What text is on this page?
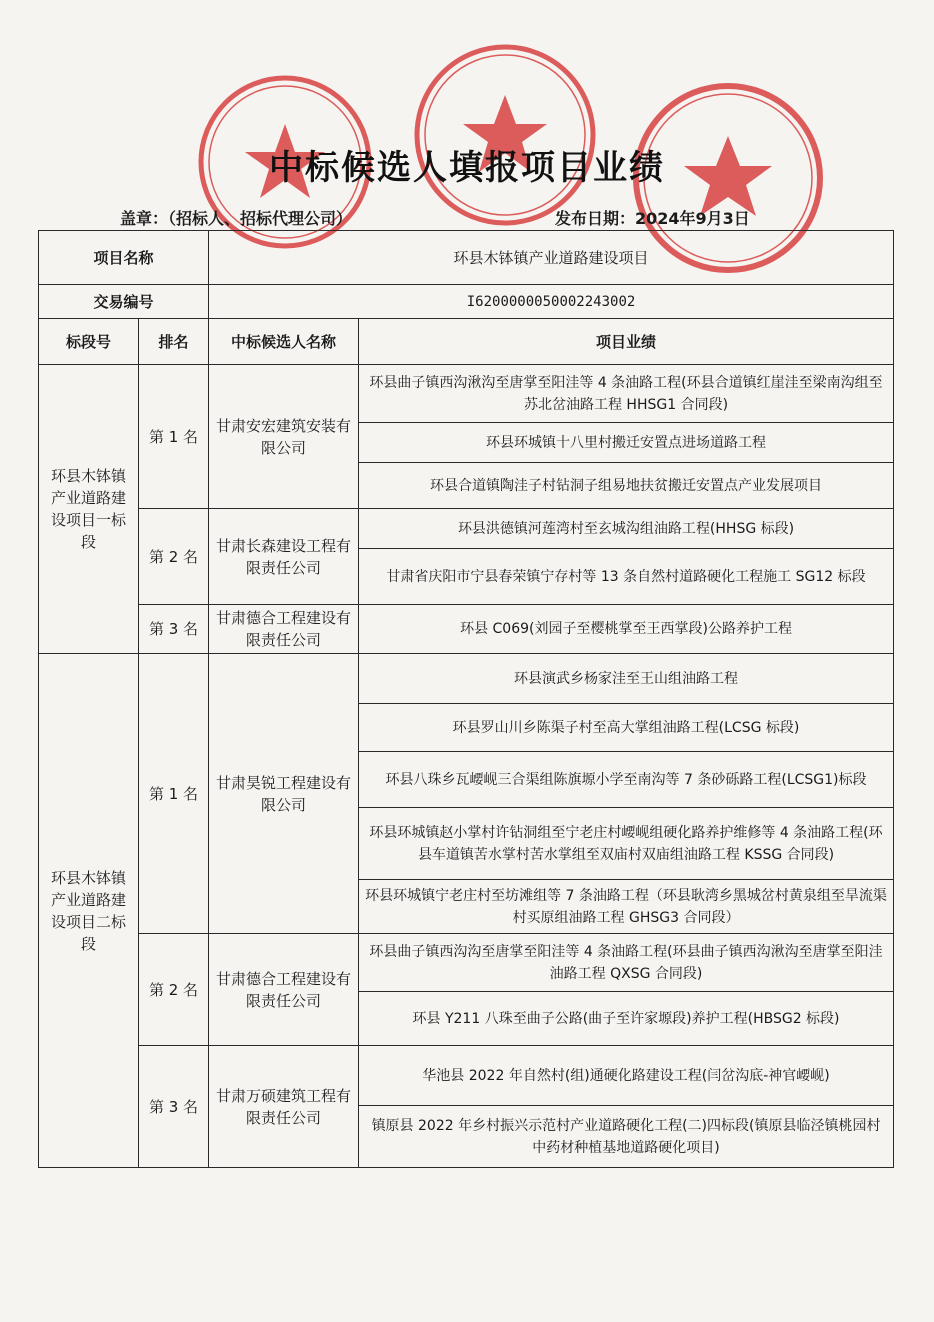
中标候选人填报项目业绩
盖章：（招标人、招标代理公司）	发布日期：2024年9月3日
项目名称		环县木钵镇产业道路建设项目	
交易编号		I6200000050002243002	
标段号	排名	中标候选人名称	项目业绩
环县木钵镇产业道路建设项目一标段	第 1 名	甘肃安宏建筑安装有限公司	环县曲子镇西沟湫沟至唐掌至阳洼等 4 条油路工程(环县合道镇红崖洼至梁南沟组至苏北岔油路工程 HHSG1 合同段)
			环县环城镇十八里村搬迁安置点进场道路工程
			环县合道镇陶洼子村钻洞子组易地扶贫搬迁安置点产业发展项目
	第 2 名	甘肃长森建设工程有限责任公司	环县洪德镇河莲湾村至玄城沟组油路工程(HHSG 标段)
			甘肃省庆阳市宁县春荣镇宁存村等 13 条自然村道路硬化工程施工 SG12 标段
	第 3 名	甘肃德合工程建设有限责任公司	环县 C069(刘园子至樱桃掌至王西掌段)公路养护工程
环县木钵镇产业道路建设项目二标段	第 1 名	甘肃昊锐工程建设有限公司	环县演武乡杨家洼至王山组油路工程
			环县罗山川乡陈渠子村至高大掌组油路工程(LCSG 标段)
			环县八珠乡瓦崾岘三合渠组陈旗塬小学至南沟等 7 条砂砾路工程(LCSG1)标段
			环县环城镇赵小掌村许钻洞组至宁老庄村崾岘组硬化路养护维修等 4 条油路工程(环县车道镇苦水掌村苦水掌组至双庙村双庙组油路工程 KSSG 合同段)
			环县环城镇宁老庄村至坊滩组等 7 条油路工程（环县耿湾乡黑城岔村黄泉组至旱流渠村买原组油路工程 GHSG3 合同段）
	第 2 名	甘肃德合工程建设有限责任公司	环县曲子镇西沟沟至唐掌至阳洼等 4 条油路工程(环县曲子镇西沟湫沟至唐掌至阳洼油路工程 QXSG 合同段)
			环县 Y211 八珠至曲子公路(曲子至许家塬段)养护工程(HBSG2 标段)
	第 3 名	甘肃万硕建筑工程有限责任公司	华池县 2022 年自然村(组)通硬化路建设工程(闫岔沟底-神官崾岘)
			镇原县 2022 年乡村振兴示范村产业道路硬化工程(二)四标段(镇原县临泾镇桃园村中药材种植基地道路硬化项目)
